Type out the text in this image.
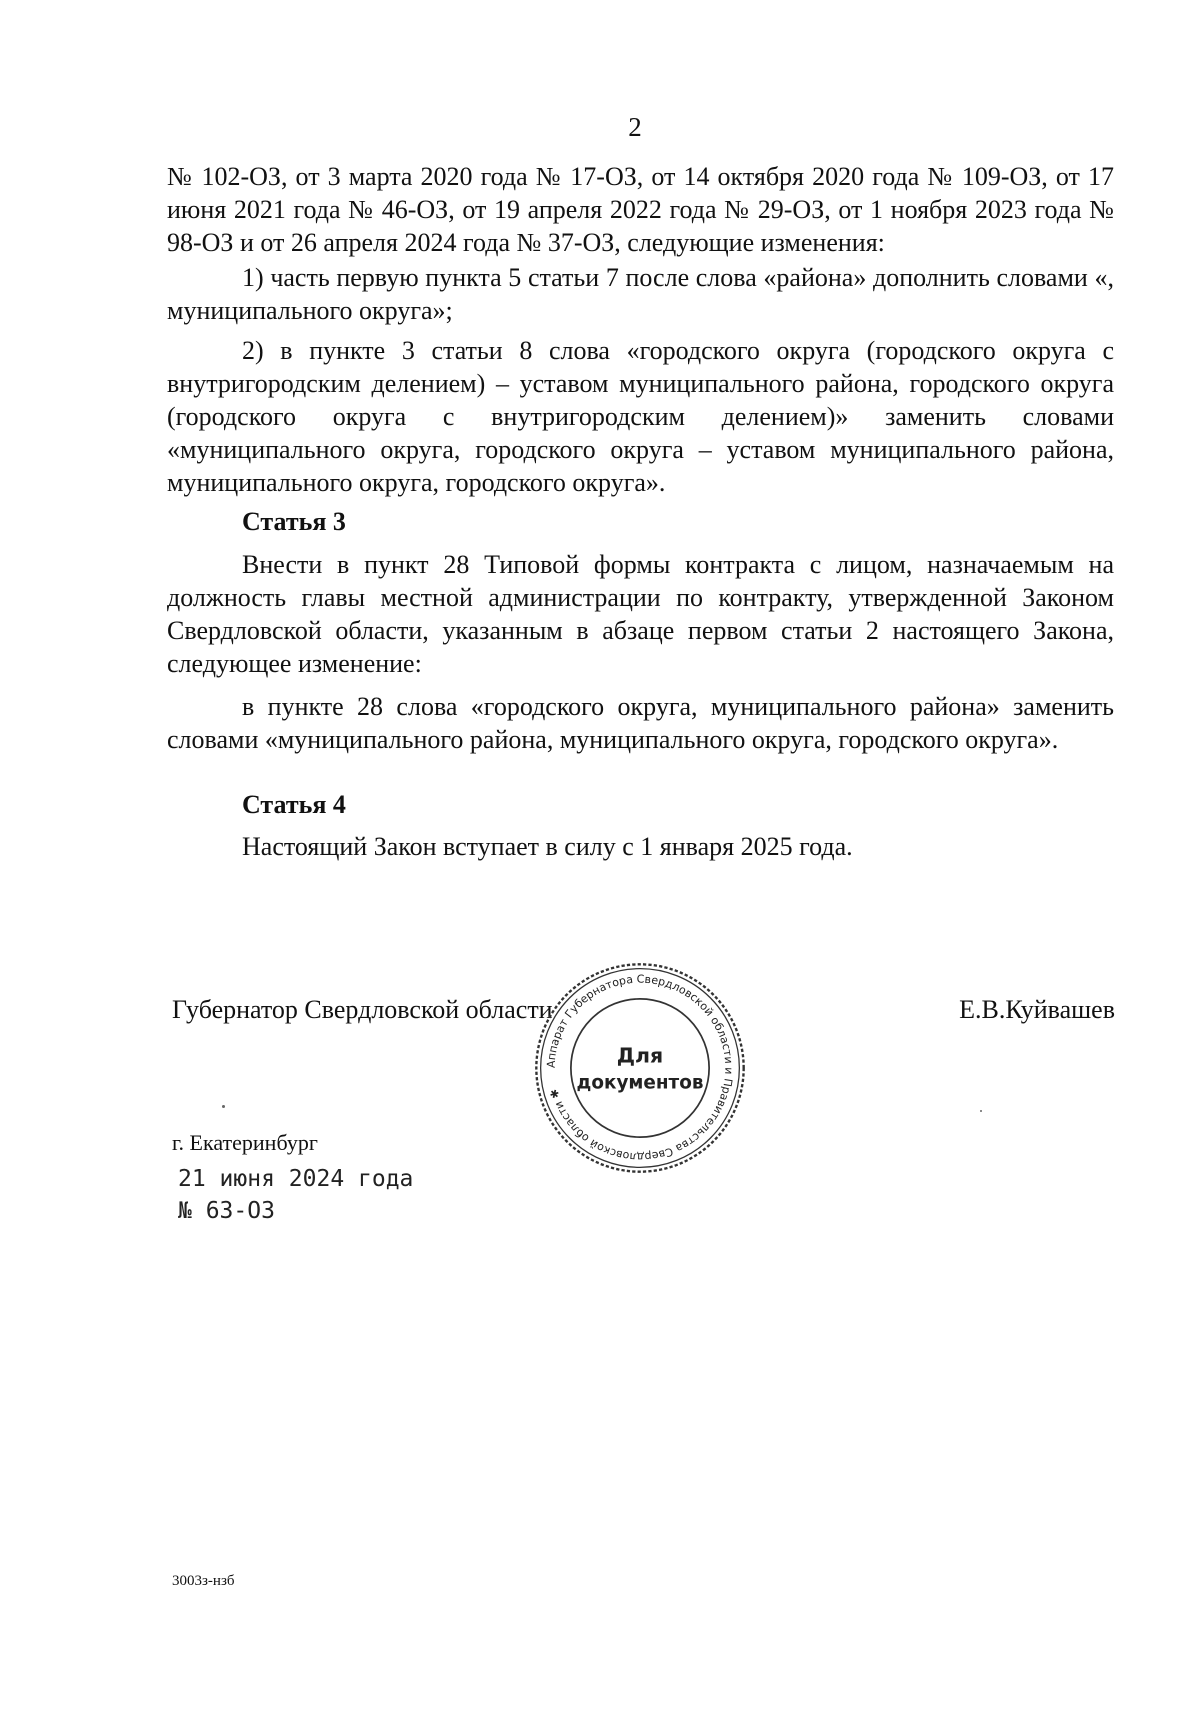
2
№ 102-ОЗ, от 3 марта 2020 года № 17-ОЗ, от 14 октября 2020 года № 109-ОЗ, от 17 июня 2021 года № 46-ОЗ, от 19 апреля 2022 года № 29-ОЗ, от 1 ноября 2023 года № 98-ОЗ и от 26 апреля 2024 года № 37-ОЗ, следующие изменения:
1) часть первую пункта 5 статьи 7 после слова «района» дополнить словами «, муниципального округа»;
2) в пункте 3 статьи 8 слова «городского округа (городского округа с внутригородским делением) – уставом муниципального района, городского округа (городского округа с внутригородским делением)» заменить словами «муниципального округа, городского округа – уставом муниципального района, муниципального округа, городского округа».
Статья 3
Внести в пункт 28 Типовой формы контракта с лицом, назначаемым на должность главы местной администрации по контракту, утвержденной Законом Свердловской области, указанным в абзаце первом статьи 2 настоящего Закона, следующее изменение:
в пункте 28 слова «городского округа, муниципального района» заменить словами «муниципального района, муниципального округа, городского округа».
Статья 4
Настоящий Закон вступает в силу с 1 января 2025 года.
Губернатор Свердловской области	Е.В.Куйвашев
Аппарат Губернатора Свердловской области и Правительства Свердловской области ✱
Для
документов
г. Екатеринбург
21 июня 2024 года
№ 63-ОЗ
3003з-нзб
